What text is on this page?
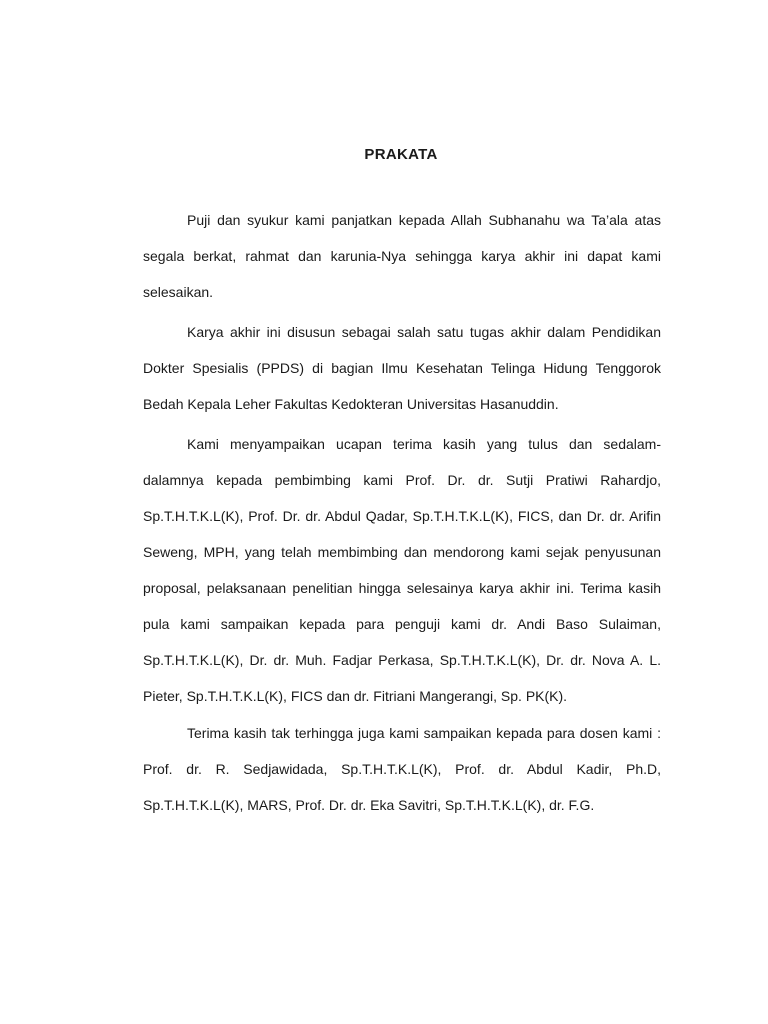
PRAKATA

Puji dan syukur kami panjatkan kepada Allah Subhanahu wa Ta’ala atas segala berkat, rahmat dan karunia-Nya sehingga karya akhir ini dapat kami selesaikan.

Karya akhir ini disusun sebagai salah satu tugas akhir dalam Pendidikan Dokter Spesialis (PPDS) di bagian Ilmu Kesehatan Telinga Hidung Tenggorok Bedah Kepala Leher Fakultas Kedokteran Universitas Hasanuddin.

Kami menyampaikan ucapan terima kasih yang tulus dan sedalam-dalamnya kepada pembimbing kami Prof. Dr. dr. Sutji Pratiwi Rahardjo, Sp.T.H.T.K.L(K), Prof. Dr. dr. Abdul Qadar, Sp.T.H.T.K.L(K), FICS, dan Dr. dr. Arifin Seweng, MPH, yang telah membimbing dan mendorong kami sejak penyusunan proposal, pelaksanaan penelitian hingga selesainya karya akhir ini. Terima kasih pula kami sampaikan kepada para penguji kami dr. Andi Baso Sulaiman, Sp.T.H.T.K.L(K), Dr. dr. Muh. Fadjar Perkasa, Sp.T.H.T.K.L(K), Dr. dr. Nova A. L. Pieter, Sp.T.H.T.K.L(K), FICS dan dr. Fitriani Mangerangi, Sp. PK(K).

Terima kasih tak terhingga juga kami sampaikan kepada para dosen kami : Prof. dr. R. Sedjawidada, Sp.T.H.T.K.L(K), Prof. dr. Abdul Kadir, Ph.D, Sp.T.H.T.K.L(K), MARS, Prof. Dr. dr. Eka Savitri, Sp.T.H.T.K.L(K), dr. F.G.
